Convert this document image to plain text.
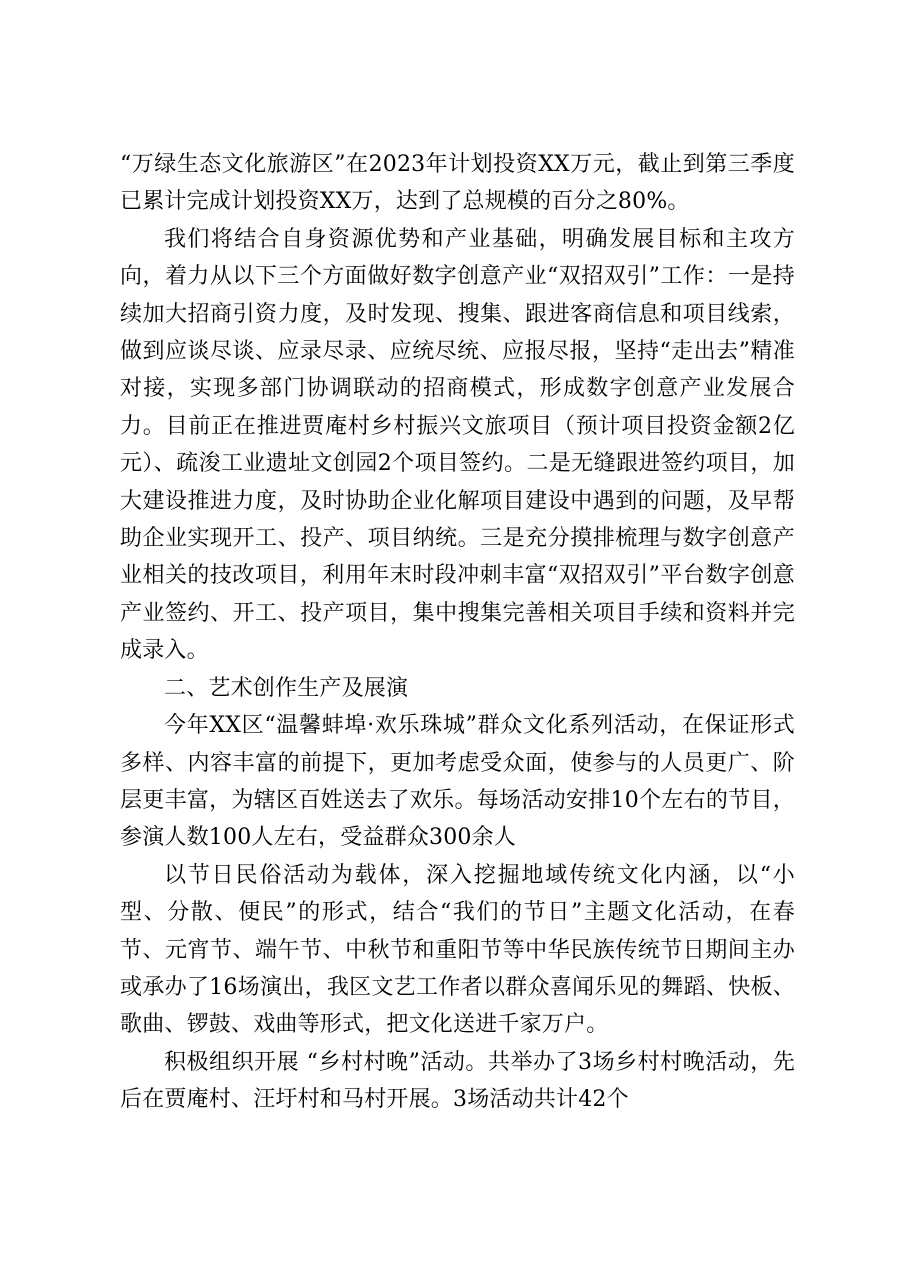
“万绿生态文化旅游区”在2023年计划投资XX万元，截止到第三季度已累计完成计划投资XX万，达到了总规模的百分之80%。

我们将结合自身资源优势和产业基础，明确发展目标和主攻方向，着力从以下三个方面做好数字创意产业“双招双引”工作：一是持续加大招商引资力度，及时发现、搜集、跟进客商信息和项目线索，做到应谈尽谈、应录尽录、应统尽统、应报尽报，坚持“走出去”精准对接，实现多部门协调联动的招商模式，形成数字创意产业发展合力。目前正在推进贾庵村乡村振兴文旅项目（预计项目投资金额2亿元）、疏浚工业遗址文创园2个项目签约。二是无缝跟进签约项目，加大建设推进力度，及时协助企业化解项目建设中遇到的问题，及早帮助企业实现开工、投产、项目纳统。三是充分摸排梳理与数字创意产业相关的技改项目，利用年末时段冲刺丰富“双招双引”平台数字创意产业签约、开工、投产项目，集中搜集完善相关项目手续和资料并完成录入。

二、艺术创作生产及展演

今年XX区“温馨蚌埠·欢乐珠城”群众文化系列活动，在保证形式多样、内容丰富的前提下，更加考虑受众面，使参与的人员更广、阶层更丰富，为辖区百姓送去了欢乐。每场活动安排10个左右的节目，参演人数100人左右，受益群众300余人

以节日民俗活动为载体，深入挖掘地域传统文化内涵，以“小型、分散、便民”的形式，结合“我们的节日”主题文化活动，在春节、元宵节、端午节、中秋节和重阳节等中华民族传统节日期间主办或承办了16场演出，我区文艺工作者以群众喜闻乐见的舞蹈、快板、歌曲、锣鼓、戏曲等形式，把文化送进千家万户。

积极组织开展 “乡村村晚”活动。共举办了3场乡村村晚活动，先后在贾庵村、汪圩村和马村开展。3场活动共计42个
